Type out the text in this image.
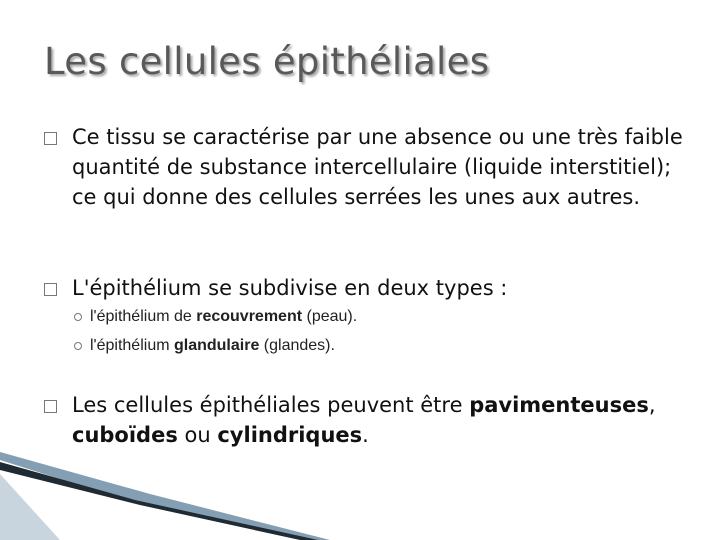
Les cellules épithéliales
Ce tissu se caractérise par une absence ou une très faible quantité de substance intercellulaire (liquide interstitiel); ce qui donne des cellules serrées les unes aux autres.
L'épithélium se subdivise en deux types :
l'épithélium de recouvrement (peau).
l'épithélium glandulaire (glandes).
Les cellules épithéliales peuvent être pavimenteuses, cuboïdes ou cylindriques.
